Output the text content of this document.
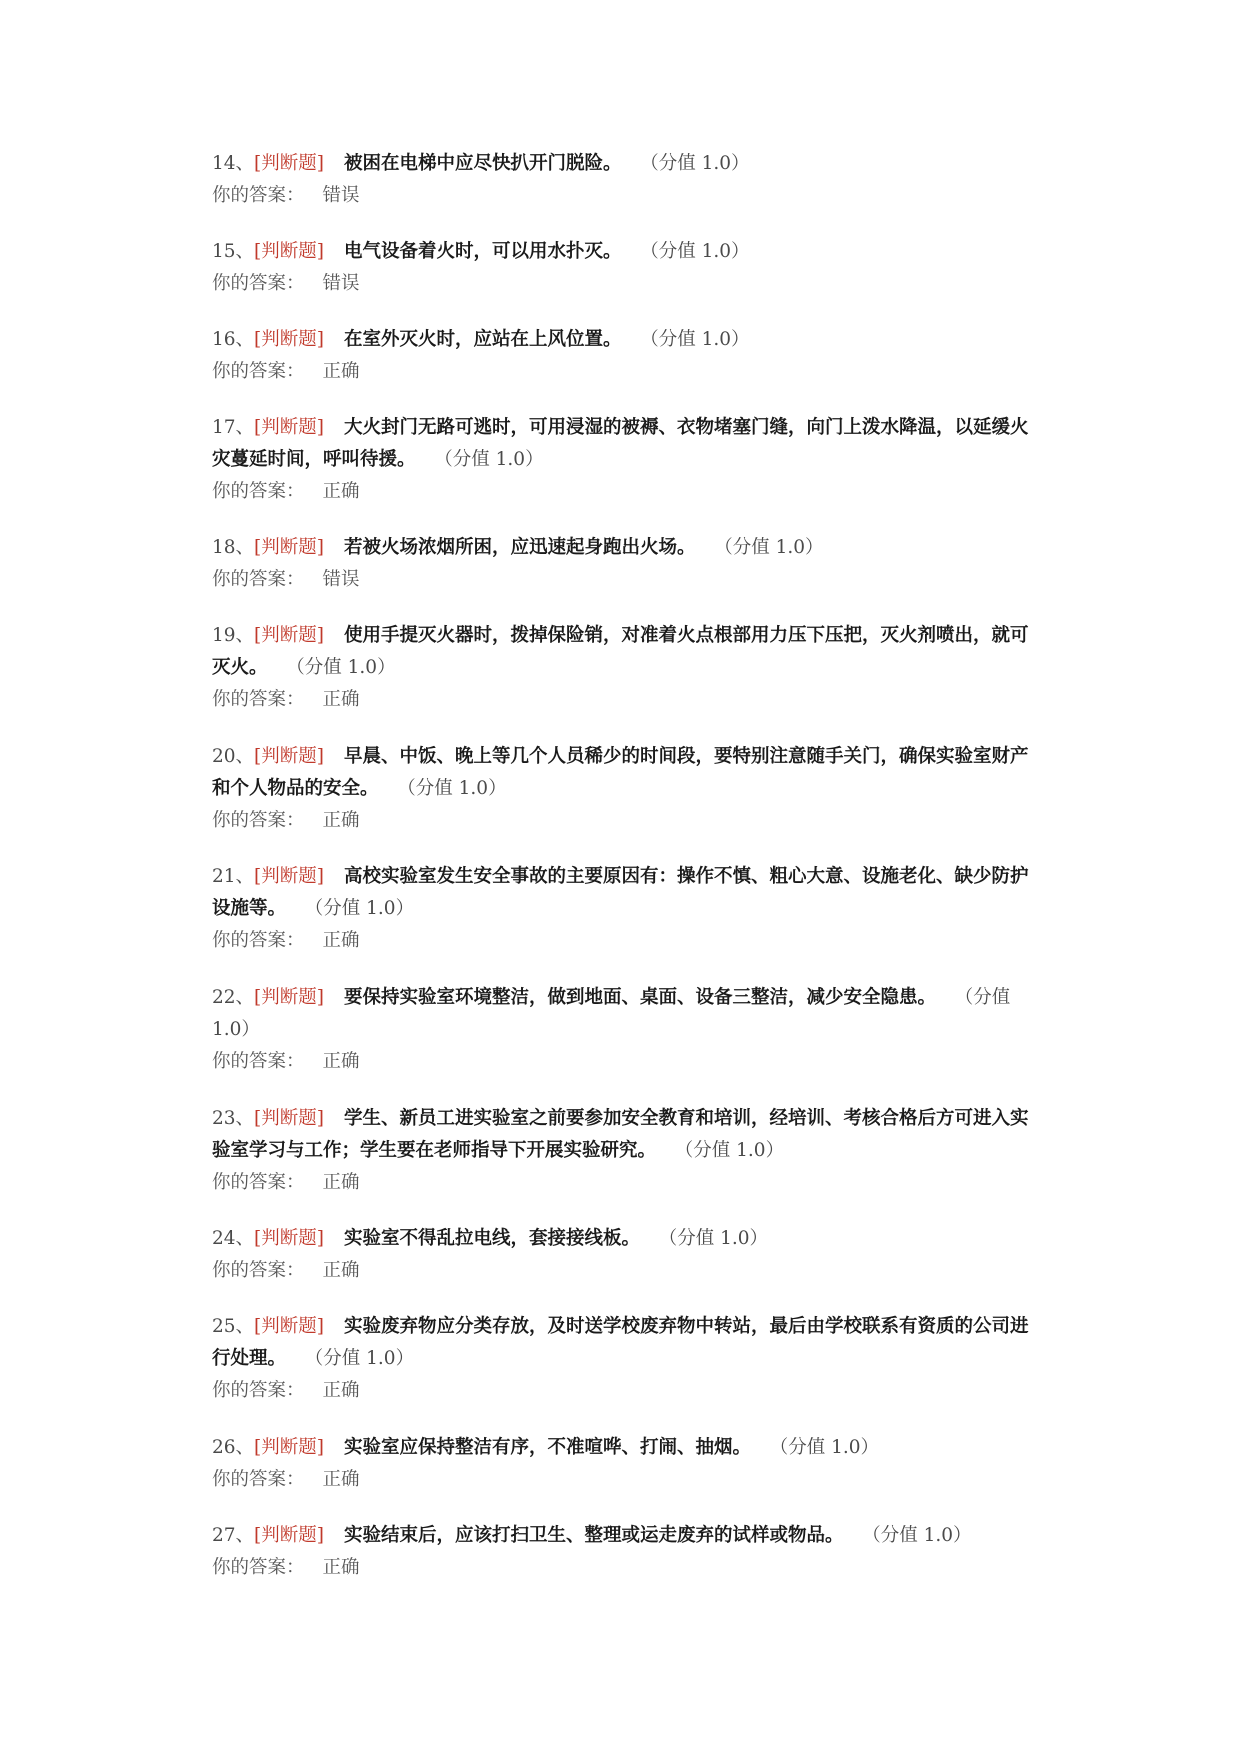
14、[判断题] 被困在电梯中应尽快扒开门脱险。 （分值 1.0）

你的答案： 错误

15、[判断题] 电气设备着火时，可以用水扑灭。 （分值 1.0）

你的答案： 错误

16、[判断题] 在室外灭火时，应站在上风位置。 （分值 1.0）

你的答案： 正确

17、[判断题] 大火封门无路可逃时，可用浸湿的被褥、衣物堵塞门缝，向门上泼水降温，以延缓火灾蔓延时间，呼叫待援。 （分值 1.0）

你的答案： 正确

18、[判断题] 若被火场浓烟所困，应迅速起身跑出火场。 （分值 1.0）

你的答案： 错误

19、[判断题] 使用手提灭火器时，拨掉保险销，对准着火点根部用力压下压把，灭火剂喷出，就可灭火。 （分值 1.0）

你的答案： 正确

20、[判断题] 早晨、中饭、晚上等几个人员稀少的时间段，要特别注意随手关门，确保实验室财产和个人物品的安全。 （分值 1.0）

你的答案： 正确

21、[判断题] 高校实验室发生安全事故的主要原因有：操作不慎、粗心大意、设施老化、缺少防护设施等。 （分值 1.0）

你的答案： 正确

22、[判断题] 要保持实验室环境整洁，做到地面、桌面、设备三整洁，减少安全隐患。 （分值 1.0）

你的答案： 正确

23、[判断题] 学生、新员工进实验室之前要参加安全教育和培训，经培训、考核合格后方可进入实验室学习与工作；学生要在老师指导下开展实验研究。 （分值 1.0）

你的答案： 正确

24、[判断题] 实验室不得乱拉电线，套接接线板。 （分值 1.0）

你的答案： 正确

25、[判断题] 实验废弃物应分类存放，及时送学校废弃物中转站，最后由学校联系有资质的公司进行处理。 （分值 1.0）

你的答案： 正确

26、[判断题] 实验室应保持整洁有序，不准喧哗、打闹、抽烟。 （分值 1.0）

你的答案： 正确

27、[判断题] 实验结束后，应该打扫卫生、整理或运走废弃的试样或物品。 （分值 1.0）

你的答案： 正确
